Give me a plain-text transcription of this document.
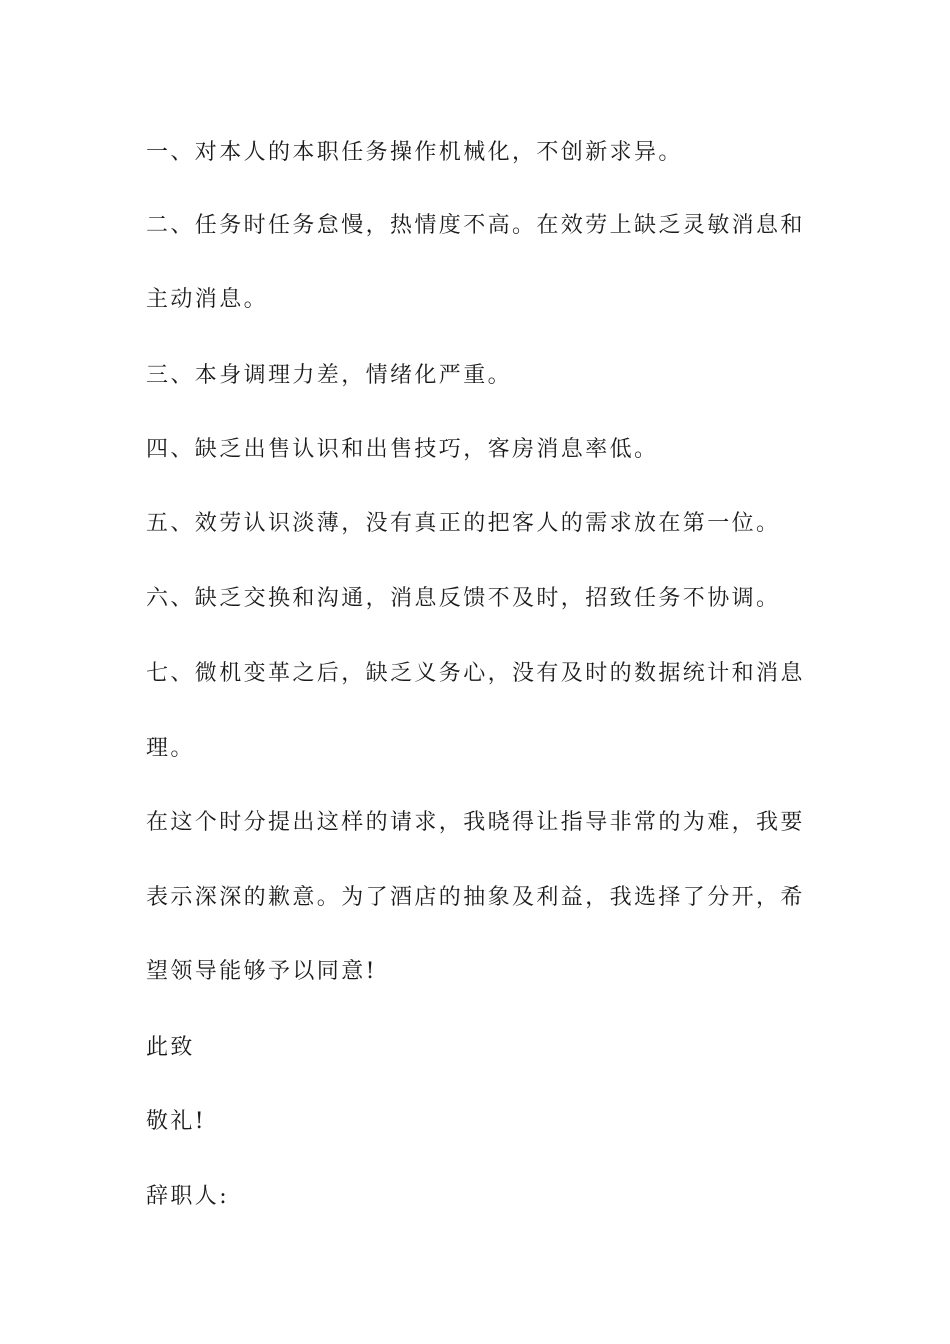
一、对本人的本职任务操作机械化，不创新求异。

二、任务时任务怠慢，热情度不高。在效劳上缺乏灵敏消息和

主动消息。

三、本身调理力差，情绪化严重。

四、缺乏出售认识和出售技巧，客房消息率低。

五、效劳认识淡薄，没有真正的把客人的需求放在第一位。

六、缺乏交换和沟通，消息反馈不及时，招致任务不协调。

七、微机变革之后，缺乏义务心，没有及时的数据统计和消息

理。

在这个时分提出这样的请求，我晓得让指导非常的为难，我要

表示深深的歉意。为了酒店的抽象及利益，我选择了分开，希

望领导能够予以同意!

此致

敬礼!

辞职人:
